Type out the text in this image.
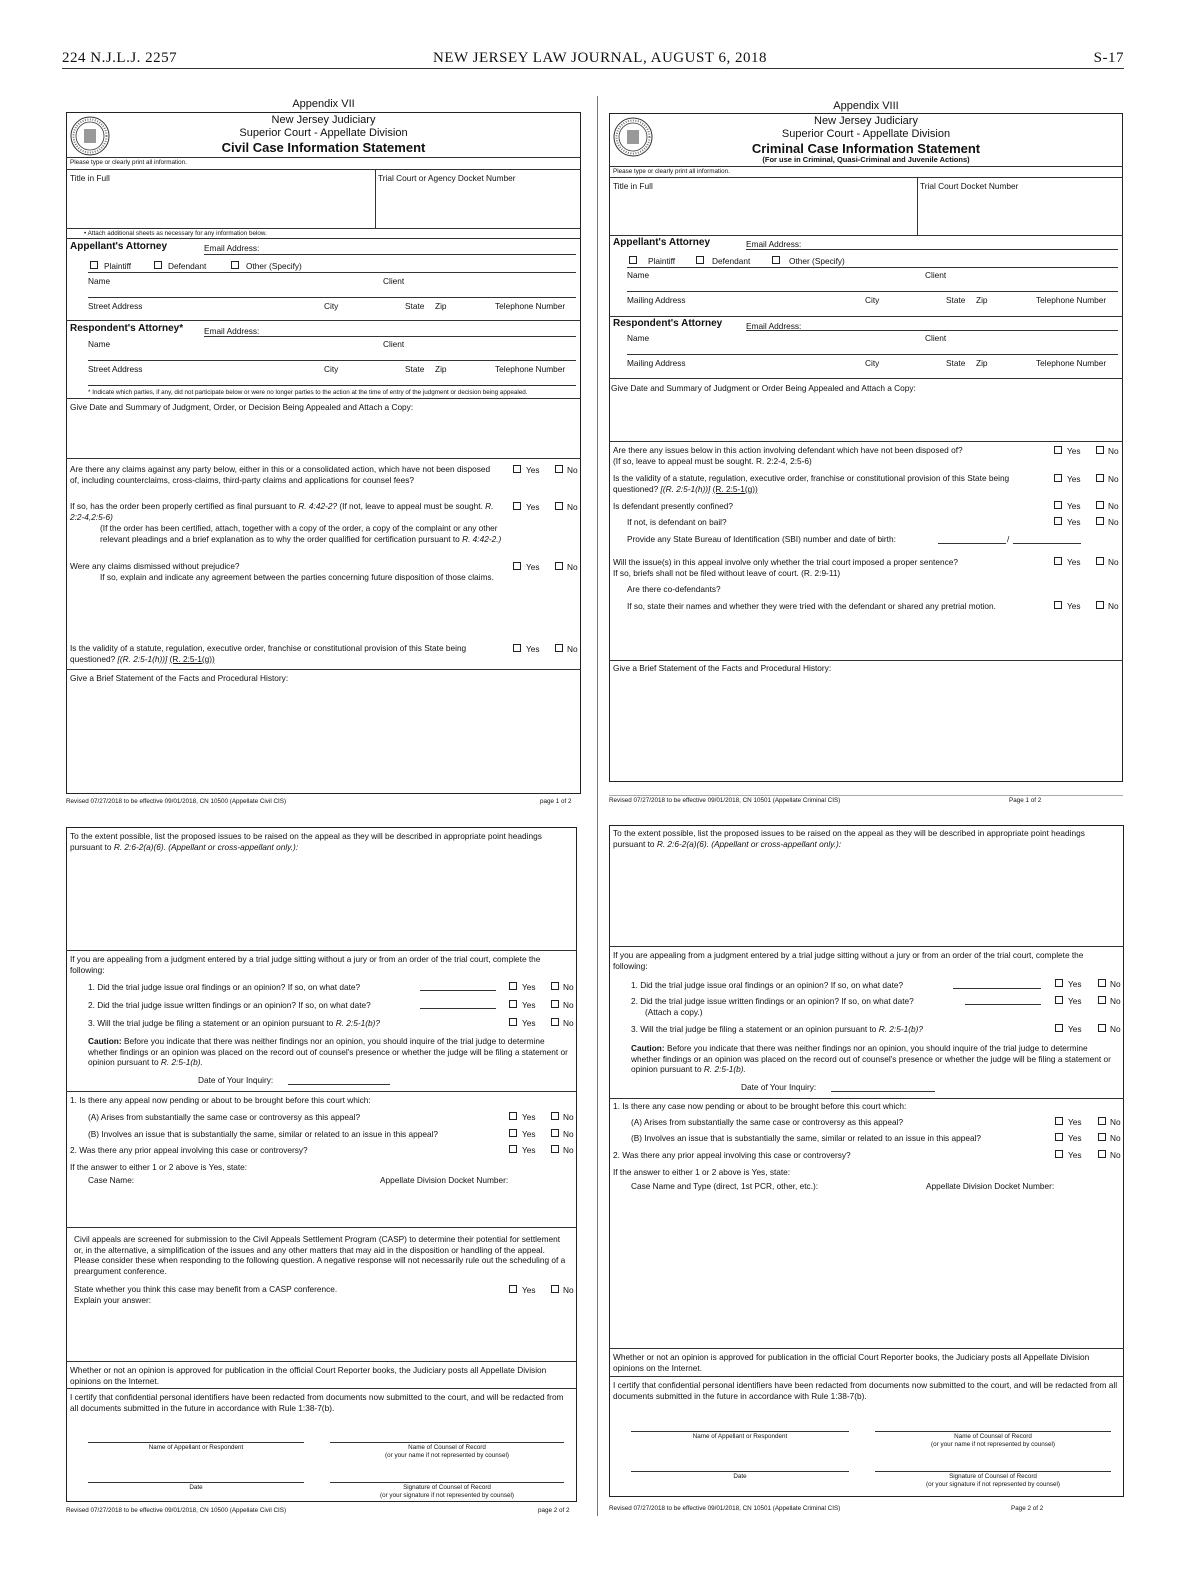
224 N.J.L.J. 2257	NEW JERSEY LAW JOURNAL, AUGUST 6, 2018	S-17
Appendix VII
New Jersey Judiciary
Superior Court - Appellate Division
Civil Case Information Statement
Please type or clearly print all information.
Title in Full	Trial Court or Agency Docket Number
• Attach additional sheets as necessary for any information below.
Appellant's Attorney	Email Address:
Plaintiff	Defendant	Other (Specify)
Name	Client
Street Address	City	State Zip	Telephone Number
Respondent's Attorney*	Email Address:
Name	Client
Street Address	City	State Zip	Telephone Number
* Indicate which parties, if any, did not participate below or were no longer parties to the action at the time of entry of the judgment or decision being appealed.
Give Date and Summary of Judgment, Order, or Decision Being Appealed and Attach a Copy:
Are there any claims against any party below, either in this or a consolidated action, which have not been disposed of, including counterclaims, cross-claims, third-party claims and applications for counsel fees?
Yes	No
If so, has the order been properly certified as final pursuant to R. 4:42-2? (If not, leave to appeal must be sought. R. 2:2-4,2:5-6)
Yes	No
(If the order has been certified, attach, together with a copy of the order, a copy of the complaint or any other relevant pleadings and a brief explanation as to why the order qualified for certification pursuant to R. 4:42-2.)
Were any claims dismissed without prejudice?	Yes	No
If so, explain and indicate any agreement between the parties concerning future disposition of those claims.
Is the validity of a statute, regulation, executive order, franchise or constitutional provision of this State being questioned? [(R. 2:5-1(h))] (R. 2:5-1(g))
Yes	No
Give a Brief Statement of the Facts and Procedural History:
Revised 07/27/2018 to be effective 09/01/2018, CN 10500 (Appellate Civil CIS)	page 1 of 2
Appendix VIII
New Jersey Judiciary
Superior Court - Appellate Division
Criminal Case Information Statement
(For use in Criminal, Quasi-Criminal and Juvenile Actions)
Please type or clearly print all information.
Title in Full	Trial Court Docket Number
Appellant's Attorney	Email Address:
Plaintiff	Defendant	Other (Specify)
Name	Client
Mailing Address	City	State Zip	Telephone Number
Respondent's Attorney	Email Address:
Name	Client
Mailing Address	City	State Zip	Telephone Number
Give Date and Summary of Judgment or Order Being Appealed and Attach a Copy:
Are there any issues below in this action involving defendant which have not been disposed of?
(If so, leave to appeal must be sought. R. 2:2-4, 2:5-6)
Yes	No
Is the validity of a statute, regulation, executive order, franchise or constitutional provision of this State being questioned? [(R. 2:5-1(h))] (R. 2:5-1(g))
Yes	No
Is defendant presently confined?	Yes	No
If not, is defendant on bail?	Yes	No
Provide any State Bureau of Identification (SBI) number and date of birth:	/
Will the issue(s) in this appeal involve only whether the trial court imposed a proper sentence?
If so, briefs shall not be filed without leave of court. (R. 2:9-11)
Yes	No
Are there co-defendants?
If so, state their names and whether they were tried with the defendant or shared any pretrial motion.	Yes	No
Give a Brief Statement of the Facts and Procedural History:
Revised 07/27/2018 to be effective 09/01/2018, CN 10501 (Appellate Criminal CIS)	Page 1 of 2
To the extent possible, list the proposed issues to be raised on the appeal as they will be described in appropriate point headings pursuant to R. 2:6-2(a)(6). (Appellant or cross-appellant only.):
If you are appealing from a judgment entered by a trial judge sitting without a jury or from an order of the trial court, complete the following:
1. Did the trial judge issue oral findings or an opinion? If so, on what date?	Yes	No
2. Did the trial judge issue written findings or an opinion? If so, on what date?	Yes	No
3. Will the trial judge be filing a statement or an opinion pursuant to R. 2:5-1(b)?	Yes	No
Caution: Before you indicate that there was neither findings nor an opinion, you should inquire of the trial judge to determine whether findings or an opinion was placed on the record out of counsel's presence or whether the judge will be filing a statement or opinion pursuant to R. 2:5-1(b).
Date of Your Inquiry:
1. Is there any appeal now pending or about to be brought before this court which:
(A) Arises from substantially the same case or controversy as this appeal?	Yes	No
(B) Involves an issue that is substantially the same, similar or related to an issue in this appeal?	Yes	No
2. Was there any prior appeal involving this case or controversy?	Yes	No
If the answer to either 1 or 2 above is Yes, state:
Case Name:	Appellate Division Docket Number:
Civil appeals are screened for submission to the Civil Appeals Settlement Program (CASP) to determine their potential for settlement or, in the alternative, a simplification of the issues and any other matters that may aid in the disposition or handling of the appeal. Please consider these when responding to the following question. A negative response will not necessarily rule out the scheduling of a preargument conference.
State whether you think this case may benefit from a CASP conference.	Yes	No
Explain your answer:
Whether or not an opinion is approved for publication in the official Court Reporter books, the Judiciary posts all Appellate Division opinions on the Internet.
I certify that confidential personal identifiers have been redacted from documents now submitted to the court, and will be redacted from all documents submitted in the future in accordance with Rule 1:38-7(b).
Name of Appellant or Respondent	Name of Counsel of Record
(or your name if not represented by counsel)
Date	Signature of Counsel of Record
(or your signature if not represented by counsel)
Revised 07/27/2018 to be effective 09/01/2018, CN 10500 (Appellate Civil CIS)	page 2 of 2
To the extent possible, list the proposed issues to be raised on the appeal as they will be described in appropriate point headings pursuant to R. 2:6-2(a)(6). (Appellant or cross-appellant only.):
If you are appealing from a judgment entered by a trial judge sitting without a jury or from an order of the trial court, complete the following:
1. Did the trial judge issue oral findings or an opinion? If so, on what date?	Yes	No
2. Did the trial judge issue written findings or an opinion? If so, on what date?
(Attach a copy.)
Yes	No
3. Will the trial judge be filing a statement or an opinion pursuant to R. 2:5-1(b)?	Yes	No
Caution: Before you indicate that there was neither findings nor an opinion, you should inquire of the trial judge to determine whether findings or an opinion was placed on the record out of counsel's presence or whether the judge will be filing a statement or opinion pursuant to R. 2:5-1(b).
Date of Your Inquiry:
1. Is there any case now pending or about to be brought before this court which:
(A) Arises from substantially the same case or controversy as this appeal?	Yes	No
(B) Involves an issue that is substantially the same, similar or related to an issue in this appeal?	Yes	No
2. Was there any prior appeal involving this case or controversy?	Yes	No
If the answer to either 1 or 2 above is Yes, state:
Case Name and Type (direct, 1st PCR, other, etc.):	Appellate Division Docket Number:
Whether or not an opinion is approved for publication in the official Court Reporter books, the Judiciary posts all Appellate Division opinions on the Internet.
I certify that confidential personal identifiers have been redacted from documents now submitted to the court, and will be redacted from all documents submitted in the future in accordance with Rule 1:38-7(b).
Name of Appellant or Respondent	Name of Counsel of Record
(or your name if not represented by counsel)
Date	Signature of Counsel of Record
(or your signature if not represented by counsel)
Revised 07/27/2018 to be effective 09/01/2018, CN 10501 (Appellate Criminal CIS)	Page 2 of 2
